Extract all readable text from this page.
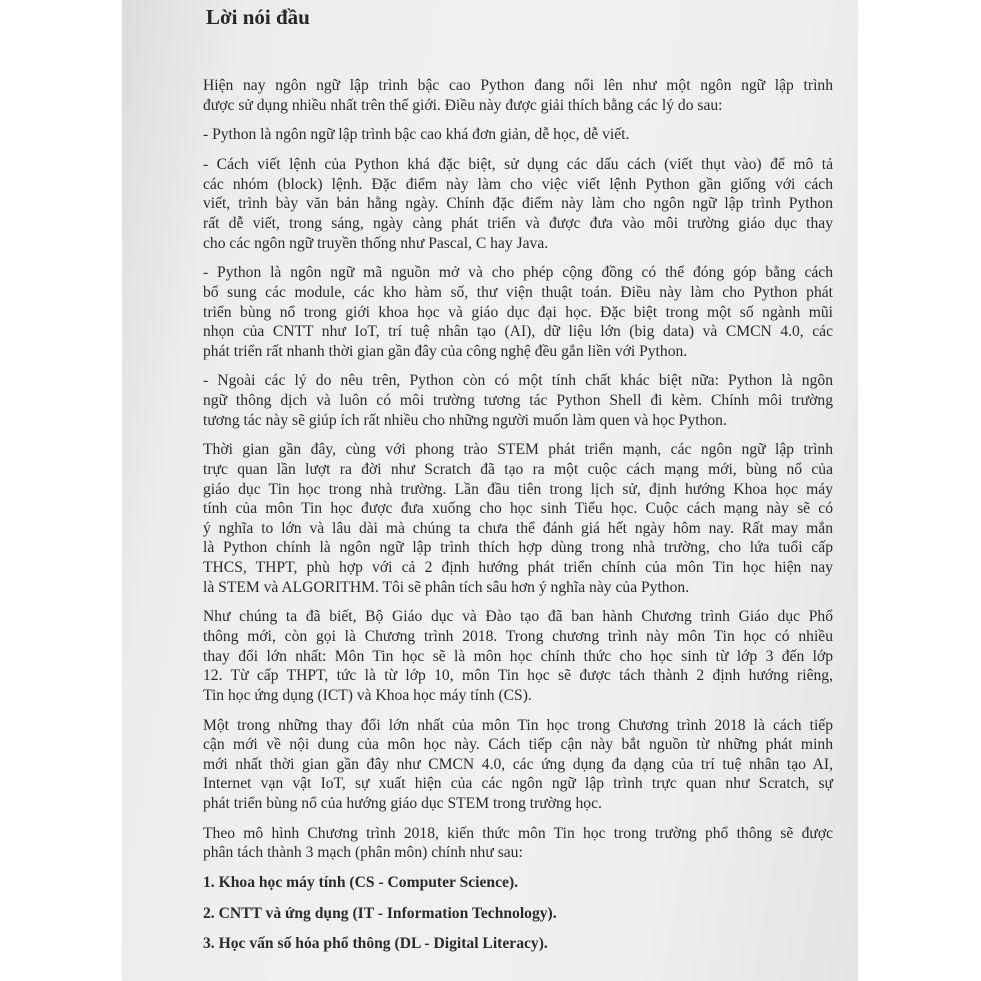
Lời nói đầu
Hiện nay ngôn ngữ lập trình bậc cao Python đang nổi lên như một ngôn ngữ lập trình
được sử dụng nhiều nhất trên thế giới. Điều này được giải thích bằng các lý do sau:
- Python là ngôn ngữ lập trình bậc cao khá đơn giản, dễ học, dễ viết.
- Cách viết lệnh của Python khá đặc biệt, sử dụng các dấu cách (viết thụt vào) để mô tả
các nhóm (block) lệnh. Đặc điểm này làm cho việc viết lệnh Python gần giống với cách
viết, trình bày văn bản hằng ngày. Chính đặc điểm này làm cho ngôn ngữ lập trình Python
rất dễ viết, trong sáng, ngày càng phát triển và được đưa vào môi trường giáo dục thay
cho các ngôn ngữ truyền thống như Pascal, C hay Java.
- Python là ngôn ngữ mã nguồn mở và cho phép cộng đồng có thể đóng góp bằng cách
bổ sung các module, các kho hàm số, thư viện thuật toán. Điều này làm cho Python phát
triển bùng nổ trong giới khoa học và giáo dục đại học. Đặc biệt trong một số ngành mũi
nhọn của CNTT như IoT, trí tuệ nhân tạo (AI), dữ liệu lớn (big data) và CMCN 4.0, các
phát triển rất nhanh thời gian gần đây của công nghệ đều gắn liền với Python.
- Ngoài các lý do nêu trên, Python còn có một tính chất khác biệt nữa: Python là ngôn
ngữ thông dịch và luôn có môi trường tương tác Python Shell đi kèm. Chính môi trường
tương tác này sẽ giúp ích rất nhiều cho những người muốn làm quen và học Python.
Thời gian gần đây, cùng với phong trào STEM phát triển mạnh, các ngôn ngữ lập trình
trực quan lần lượt ra đời như Scratch đã tạo ra một cuộc cách mạng mới, bùng nổ của
giáo dục Tin học trong nhà trường. Lần đầu tiên trong lịch sử, định hướng Khoa học máy
tính của môn Tin học được đưa xuống cho học sinh Tiểu học. Cuộc cách mạng này sẽ có
ý nghĩa to lớn và lâu dài mà chúng ta chưa thể đánh giá hết ngày hôm nay. Rất may mắn
là Python chính là ngôn ngữ lập trình thích hợp dùng trong nhà trường, cho lứa tuổi cấp
THCS, THPT, phù hợp với cả 2 định hướng phát triển chính của môn Tin học hiện nay
là STEM và ALGORITHM. Tôi sẽ phân tích sâu hơn ý nghĩa này của Python.
Như chúng ta đã biết, Bộ Giáo dục và Đào tạo đã ban hành Chương trình Giáo dục Phổ
thông mới, còn gọi là Chương trình 2018. Trong chương trình này môn Tin học có nhiều
thay đổi lớn nhất: Môn Tin học sẽ là môn học chính thức cho học sinh từ lớp 3 đến lớp
12. Từ cấp THPT, tức là từ lớp 10, môn Tin học sẽ được tách thành 2 định hướng riêng,
Tin học ứng dụng (ICT) và Khoa học máy tính (CS).
Một trong những thay đổi lớn nhất của môn Tin học trong Chương trình 2018 là cách tiếp
cận mới về nội dung của môn học này. Cách tiếp cận này bắt nguồn từ những phát minh
mới nhất thời gian gần đây như CMCN 4.0, các ứng dụng đa dạng của trí tuệ nhân tạo AI,
Internet vạn vật IoT, sự xuất hiện của các ngôn ngữ lập trình trực quan như Scratch, sự
phát triển bùng nổ của hướng giáo dục STEM trong trường học.
Theo mô hình Chương trình 2018, kiến thức môn Tin học trong trường phổ thông sẽ được
phân tách thành 3 mạch (phân môn) chính như sau:
1. Khoa học máy tính (CS - Computer Science).
2. CNTT và ứng dụng (IT - Information Technology).
3. Học vấn số hóa phổ thông (DL - Digital Literacy).
